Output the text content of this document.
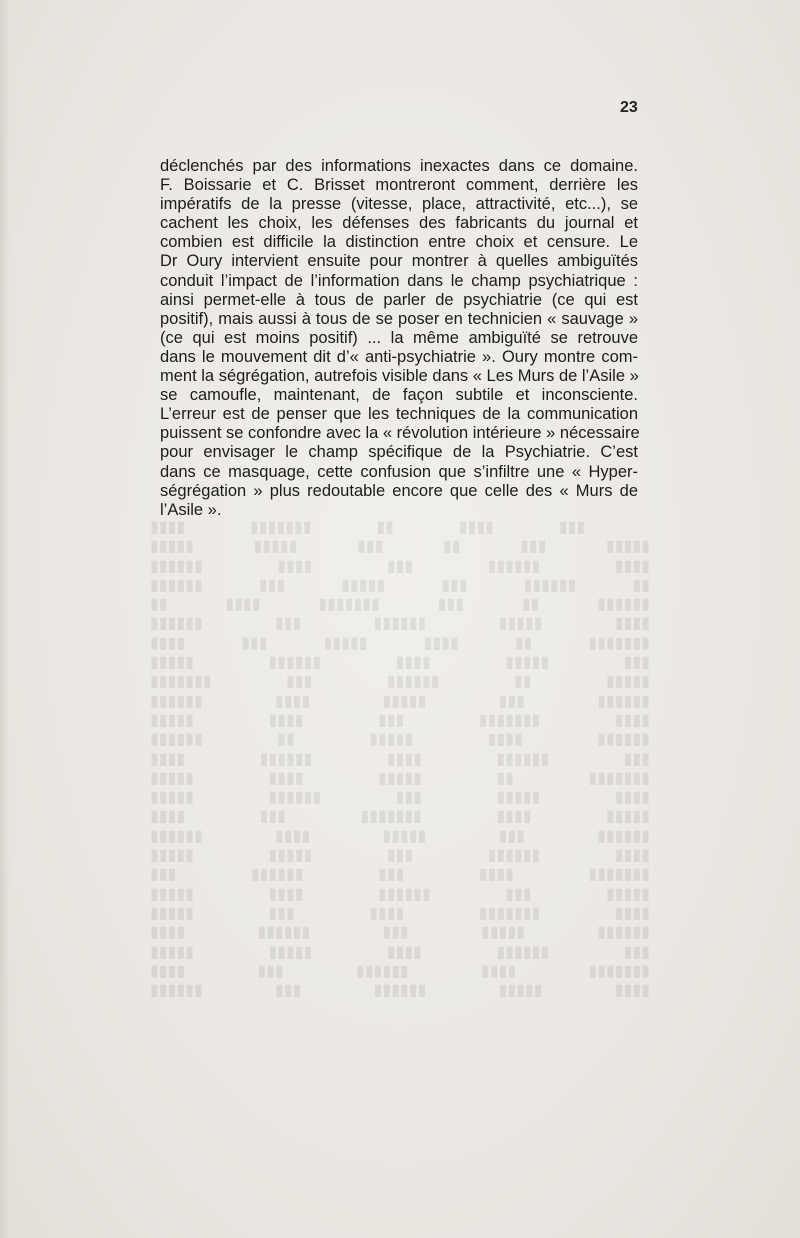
23
​ ▮▮▮ ▮▮▮▮ ▮▮ ▮▮▮▮▮▮▮ ▮▮▮▮
▮▮▮▮▮ ▮▮▮ ▮▮ ▮▮▮ ▮▮▮▮▮ ▮▮▮▮▮
▮▮▮▮ ▮▮▮▮▮▮ ▮▮▮ ▮▮▮▮ ▮▮▮▮▮▮
▮▮ ▮▮▮▮▮▮ ▮▮▮ ▮▮▮▮▮ ▮▮▮ ▮▮▮▮▮▮
▮▮▮▮▮▮ ▮▮ ▮▮▮ ▮▮▮▮▮▮▮ ▮▮▮▮ ▮▮
▮▮▮▮ ▮▮▮▮▮ ▮▮▮▮▮▮ ▮▮▮ ▮▮▮▮▮▮
▮▮▮▮▮▮▮ ▮▮ ▮▮▮▮ ▮▮▮▮▮ ▮▮▮ ▮▮▮▮
▮▮▮ ▮▮▮▮▮ ▮▮▮▮ ▮▮▮▮▮▮ ▮▮▮▮▮
▮▮▮▮▮ ▮▮ ▮▮▮▮▮▮ ▮▮▮ ▮▮▮▮▮▮▮
▮▮▮▮▮▮ ▮▮▮ ▮▮▮▮▮ ▮▮▮▮ ▮▮▮▮▮▮
▮▮▮▮ ▮▮▮▮▮▮▮ ▮▮▮ ▮▮▮▮ ▮▮▮▮▮
▮▮▮▮▮▮ ▮▮▮▮ ▮▮▮▮▮ ▮▮ ▮▮▮▮▮▮
▮▮▮ ▮▮▮▮▮▮ ▮▮▮▮ ▮▮▮▮▮▮ ▮▮▮▮
▮▮▮▮▮▮▮ ▮▮ ▮▮▮▮▮ ▮▮▮▮ ▮▮▮▮▮
▮▮▮▮ ▮▮▮▮▮ ▮▮▮ ▮▮▮▮▮▮ ▮▮▮▮▮
▮▮▮▮▮ ▮▮▮▮ ▮▮▮▮▮▮▮ ▮▮▮ ▮▮▮▮
▮▮▮▮▮▮ ▮▮▮ ▮▮▮▮▮ ▮▮▮▮ ▮▮▮▮▮▮
▮▮▮▮ ▮▮▮▮▮▮ ▮▮▮ ▮▮▮▮▮ ▮▮▮▮▮
▮▮▮▮▮▮▮ ▮▮▮▮ ▮▮▮ ▮▮▮▮▮▮ ▮▮▮
▮▮▮▮▮ ▮▮▮ ▮▮▮▮▮▮ ▮▮▮▮ ▮▮▮▮▮
▮▮▮▮ ▮▮▮▮▮▮▮ ▮▮▮▮ ▮▮▮ ▮▮▮▮▮
▮▮▮▮▮▮ ▮▮▮▮▮ ▮▮▮ ▮▮▮▮▮▮ ▮▮▮▮
▮▮▮ ▮▮▮▮▮▮ ▮▮▮▮ ▮▮▮▮▮ ▮▮▮▮▮
▮▮▮▮▮▮▮ ▮▮▮▮ ▮▮▮▮▮▮ ▮▮▮ ▮▮▮▮
▮▮▮▮ ▮▮▮▮▮ ▮▮▮▮▮▮ ▮▮▮ ▮▮▮▮▮▮
déclenchés par des informations inexactes dans ce domaine.
F. Boissarie et C. Brisset montreront comment, derrière les
impératifs de la presse (vitesse, place, attractivité, etc...), se
cachent les choix, les défenses des fabricants du journal et
combien est difficile la distinction entre choix et censure. Le
Dr Oury intervient ensuite pour montrer à quelles ambiguïtés
conduit l’impact de l’information dans le champ psychiatrique :
ainsi permet-elle à tous de parler de psychiatrie (ce qui est
positif), mais aussi à tous de se poser en technicien « sauvage »
(ce qui est moins positif) ... la même ambiguïté se retrouve
dans le mouvement dit d’« anti-psychiatrie ». Oury montre com-
ment la ségrégation, autrefois visible dans « Les Murs de l’Asile »
se camoufle, maintenant, de façon subtile et inconsciente.
L’erreur est de penser que les techniques de la communication
puissent se confondre avec la « révolution intérieure » nécessaire
pour envisager le champ spécifique de la Psychiatrie. C’est
dans ce masquage, cette confusion que s’infiltre une « Hyper-
ségrégation » plus redoutable encore que celle des « Murs de
l’Asile ».
